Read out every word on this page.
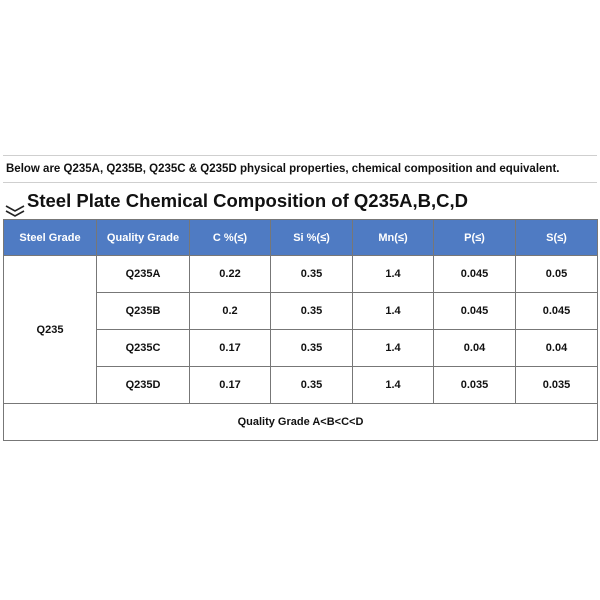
Below are Q235A, Q235B, Q235C & Q235D physical properties, chemical composition and equivalent.
Steel Plate Chemical Composition of Q235A,B,C,D
Steel Grade	Quality Grade	C %(≤)	Si %(≤)	Mn(≤)	P(≤)	S(≤)
Q235	Q235A	0.22	0.35	1.4	0.045	0.05
	Q235B	0.2	0.35	1.4	0.045	0.045
	Q235C	0.17	0.35	1.4	0.04	0.04
	Q235D	0.17	0.35	1.4	0.035	0.035
Quality Grade A<B<C<D						
